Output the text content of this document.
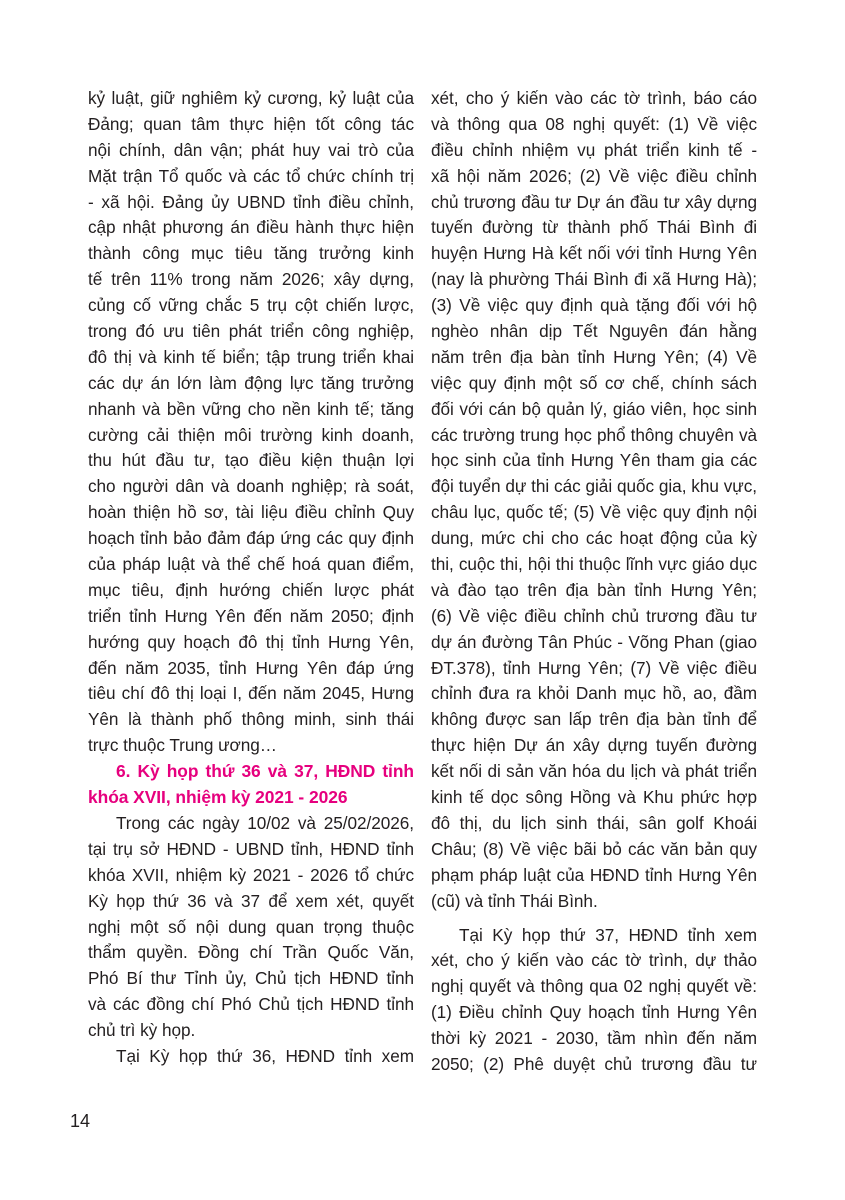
kỷ luật, giữ nghiêm kỷ cương, kỷ luật của
Đảng; quan tâm thực hiện tốt công tác
nội chính, dân vận; phát huy vai trò của
Mặt trận Tổ quốc và các tổ chức chính trị
- xã hội. Đảng ủy UBND tỉnh điều chỉnh,
cập nhật phương án điều hành thực hiện
thành công mục tiêu tăng trưởng kinh
tế trên 11% trong năm 2026; xây dựng,
củng cố vững chắc 5 trụ cột chiến lược,
trong đó ưu tiên phát triển công nghiệp,
đô thị và kinh tế biển; tập trung triển khai
các dự án lớn làm động lực tăng trưởng
nhanh và bền vững cho nền kinh tế; tăng
cường cải thiện môi trường kinh doanh,
thu hút đầu tư, tạo điều kiện thuận lợi
cho người dân và doanh nghiệp; rà soát,
hoàn thiện hồ sơ, tài liệu điều chỉnh Quy
hoạch tỉnh bảo đảm đáp ứng các quy định
của pháp luật và thể chế hoá quan điểm,
mục tiêu, định hướng chiến lược phát
triển tỉnh Hưng Yên đến năm 2050; định
hướng quy hoạch đô thị tỉnh Hưng Yên,
đến năm 2035, tỉnh Hưng Yên đáp ứng
tiêu chí đô thị loại I, đến năm 2045, Hưng
Yên là thành phố thông minh, sinh thái
trực thuộc Trung ương…
6. Kỳ họp thứ 36 và 37, HĐND tỉnh
khóa XVII, nhiệm kỳ 2021 - 2026
Trong các ngày 10/02 và 25/02/2026,
tại trụ sở HĐND - UBND tỉnh, HĐND tỉnh
khóa XVII, nhiệm kỳ 2021 - 2026 tổ chức
Kỳ họp thứ 36 và 37 để xem xét, quyết
nghị một số nội dung quan trọng thuộc
thẩm quyền. Đồng chí Trần Quốc Văn,
Phó Bí thư Tỉnh ủy, Chủ tịch HĐND tỉnh
và các đồng chí Phó Chủ tịch HĐND tỉnh
chủ trì kỳ họp.
Tại Kỳ họp thứ 36, HĐND tỉnh xem
xét, cho ý kiến vào các tờ trình, báo cáo
và thông qua 08 nghị quyết: (1) Về việc
điều chỉnh nhiệm vụ phát triển kinh tế -
xã hội năm 2026; (2) Về việc điều chỉnh
chủ trương đầu tư Dự án đầu tư xây dựng
tuyến đường từ thành phố Thái Bình đi
huyện Hưng Hà kết nối với tỉnh Hưng Yên
(nay là phường Thái Bình đi xã Hưng Hà);
(3) Về việc quy định quà tặng đối với hộ
nghèo nhân dịp Tết Nguyên đán hằng
năm trên địa bàn tỉnh Hưng Yên; (4) Về
việc quy định một số cơ chế, chính sách
đối với cán bộ quản lý, giáo viên, học sinh
các trường trung học phổ thông chuyên và
học sinh của tỉnh Hưng Yên tham gia các
đội tuyển dự thi các giải quốc gia, khu vực,
châu lục, quốc tế; (5) Về việc quy định nội
dung, mức chi cho các hoạt động của kỳ
thi, cuộc thi, hội thi thuộc lĩnh vực giáo dục
và đào tạo trên địa bàn tỉnh Hưng Yên;
(6) Về việc điều chỉnh chủ trương đầu tư
dự án đường Tân Phúc - Võng Phan (giao
ĐT.378), tỉnh Hưng Yên; (7) Về việc điều
chỉnh đưa ra khỏi Danh mục hồ, ao, đầm
không được san lấp trên địa bàn tỉnh để
thực hiện Dự án xây dựng tuyến đường
kết nối di sản văn hóa du lịch và phát triển
kinh tế dọc sông Hồng và Khu phức hợp
đô thị, du lịch sinh thái, sân golf Khoái
Châu; (8) Về việc bãi bỏ các văn bản quy
phạm pháp luật của HĐND tỉnh Hưng Yên
(cũ) và tỉnh Thái Bình.
Tại Kỳ họp thứ 37, HĐND tỉnh xem
xét, cho ý kiến vào các tờ trình, dự thảo
nghị quyết và thông qua 02 nghị quyết về:
(1) Điều chỉnh Quy hoạch tỉnh Hưng Yên
thời kỳ 2021 - 2030, tầm nhìn đến năm
2050; (2) Phê duyệt chủ trương đầu tư
14
